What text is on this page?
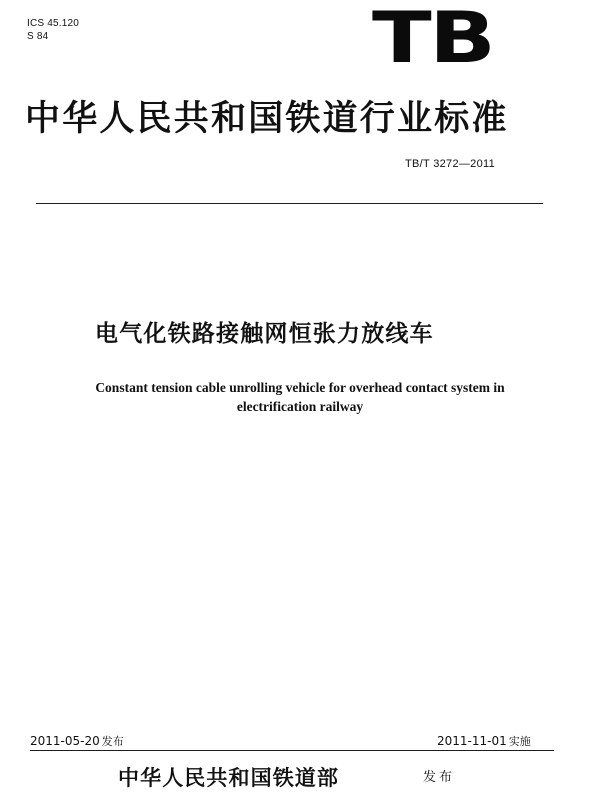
ICS 45.120
S 84	TB
中华人民共和国铁道行业标准
TB/T 3272—2011
电气化铁路接触网恒张力放线车
Constant tension cable unrolling vehicle for overhead contact system in
electrification railway
2011-05-20 发布	2011-11-01 实施
中华人民共和国铁道部	发布
